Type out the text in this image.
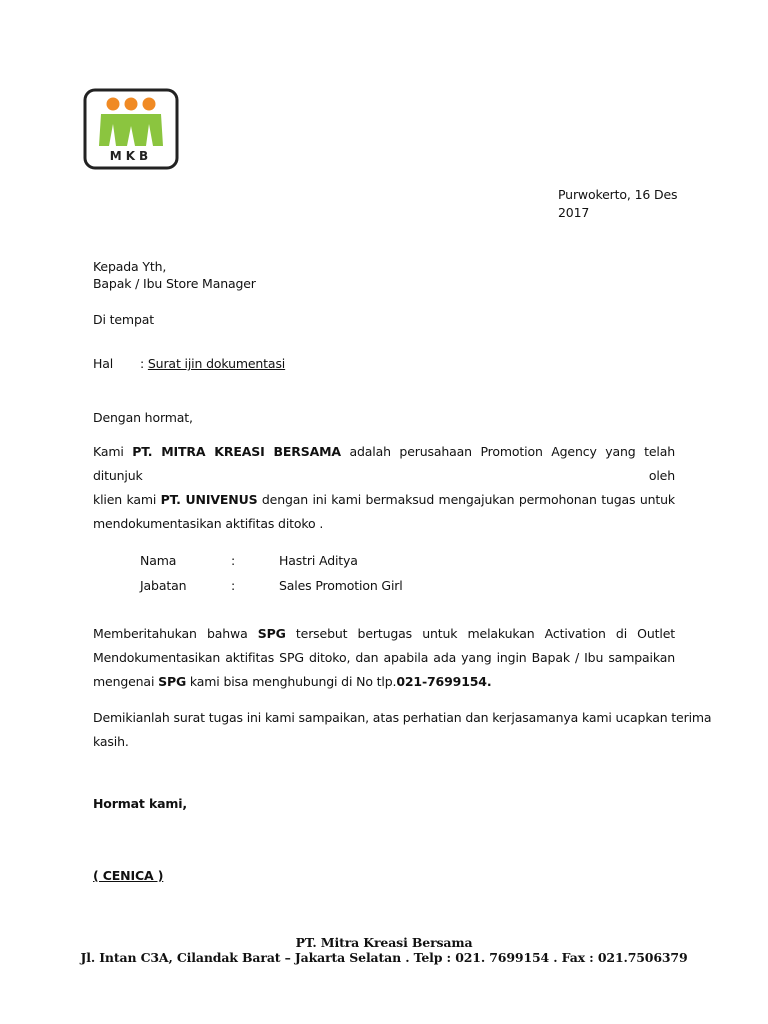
MKB
Purwokerto, 16 Des
2017
Kepada Yth,
Bapak / Ibu Store Manager
Di tempat
Hal : Surat ijin dokumentasi
Dengan hormat,
Kami PT. MITRA KREASI BERSAMA adalah perusahaan Promotion Agency yang telah ditunjuk oleh
klien kami PT. UNIVENUS dengan ini kami bermaksud mengajukan permohonan tugas untuk
mendokumentasikan aktifitas ditoko .
Nama	:	Hastri Aditya
Jabatan	:	Sales Promotion Girl
Memberitahukan bahwa SPG tersebut bertugas untuk melakukan Activation di Outlet
Mendokumentasikan aktifitas SPG ditoko, dan apabila ada yang ingin Bapak / Ibu sampaikan
mengenai SPG kami bisa menghubungi di No tlp.021-7699154.
Demikianlah surat tugas ini kami sampaikan, atas perhatian dan kerjasamanya kami ucapkan terima
kasih.
Hormat kami,
( CENICA )
PT. Mitra Kreasi Bersama
Jl. Intan C3A, Cilandak Barat – Jakarta Selatan . Telp : 021. 7699154 . Fax : 021.7506379
